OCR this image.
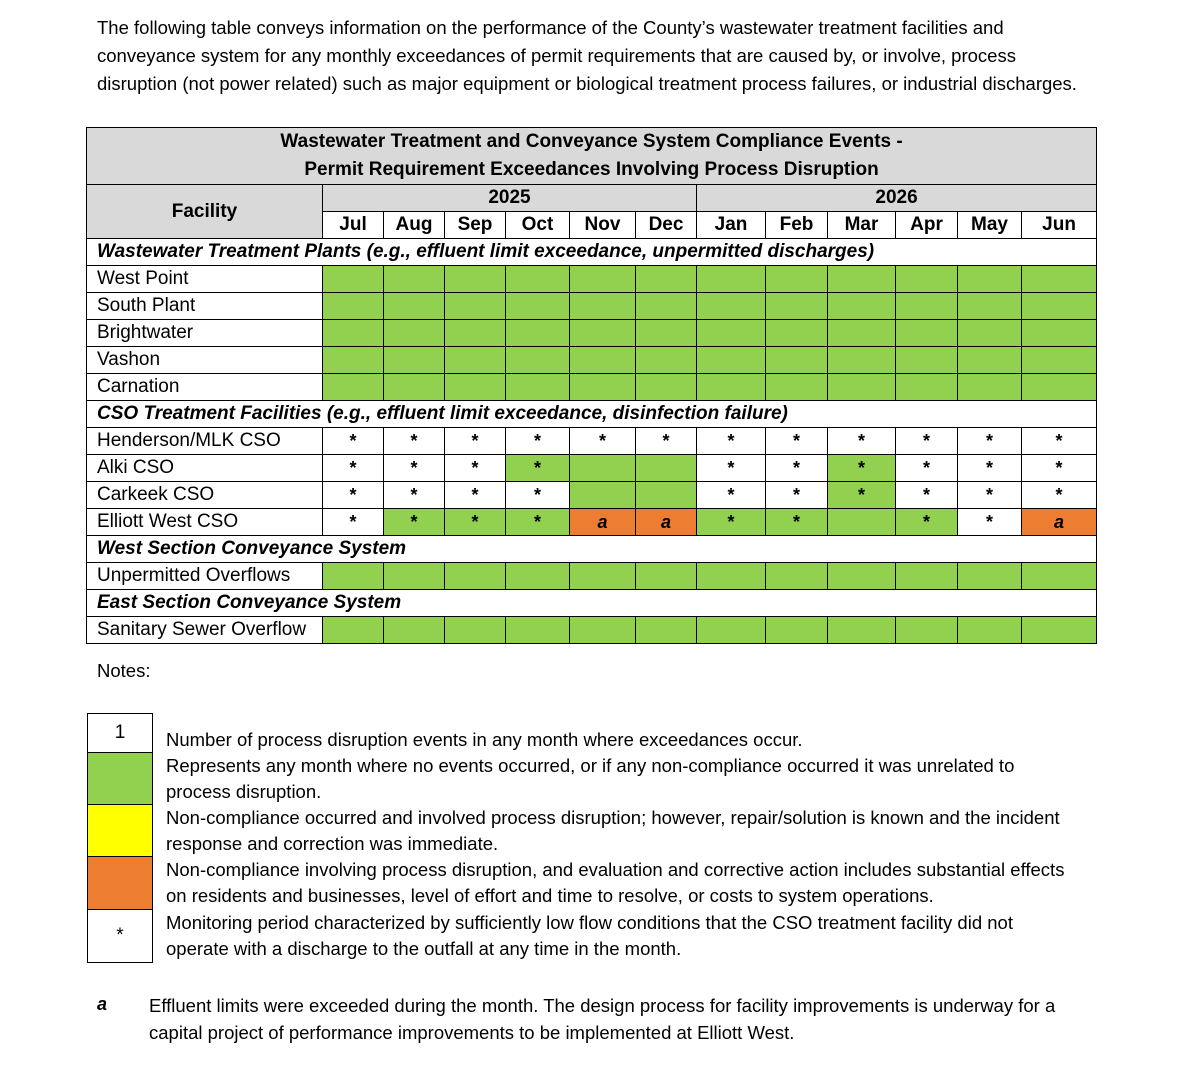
The following table conveys information on the performance of the County’s wastewater treatment facilities and conveyance system for any monthly exceedances of permit requirements that are caused by, or involve, process disruption (not power related) such as major equipment or biological treatment process failures, or industrial discharges.
Wastewater Treatment and Conveyance System Compliance Events -
Permit Requirement Exceedances Involving Process Disruption												

Facility	2025						2026					
	Jul	Aug	Sep	Oct	Nov	Dec	Jan	Feb	Mar	Apr	May	Jun
Wastewater Treatment Plants (e.g., effluent limit exceedance, unpermitted discharges)												
West Point												
South Plant												
Brightwater												
Vashon												
Carnation												
CSO Treatment Facilities (e.g., effluent limit exceedance, disinfection failure)												
Henderson/MLK CSO	*	*	*	*	*	*	*	*	*	*	*	*
Alki CSO	*	*	*	*			*	*	*	*	*	*
Carkeek CSO	*	*	*	*			*	*	*	*	*	*
Elliott West CSO	*	*	*	*	a	a	*	*		*	*	a
West Section Conveyance System												
Unpermitted Overflows												
East Section Conveyance System												
Sanitary Sewer Overflow												
Notes:
1	Number of process disruption events in any month where exceedances occur.
Represents any month where no events occurred, or if any non-compliance occurred it was unrelated to process disruption.
Non-compliance occurred and involved process disruption; however, repair/solution is known and the incident response and correction was immediate.
Non-compliance involving process disruption, and evaluation and corrective action includes substantial effects on residents and businesses, level of effort and time to resolve, or costs to system operations.
*
Monitoring period characterized by sufficiently low flow conditions that the CSO treatment facility did not operate with a discharge to the outfall at any time in the month.
a Effluent limits were exceeded during the month. The design process for facility improvements is underway for a capital project of performance improvements to be implemented at Elliott West.
